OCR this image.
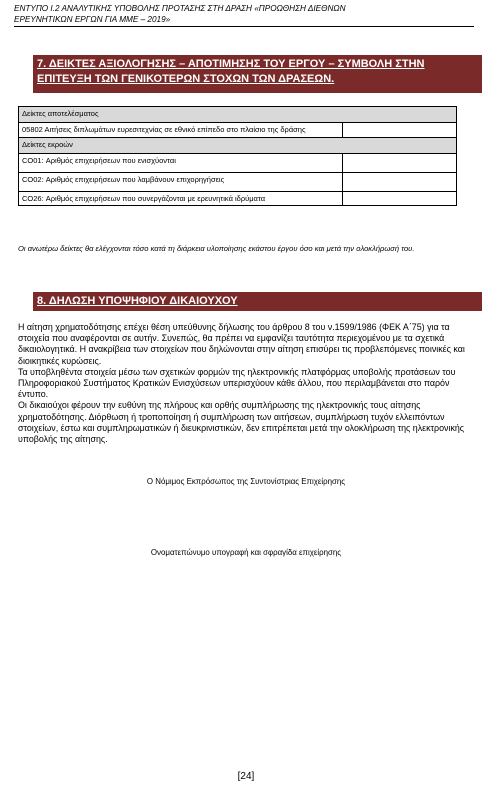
ΕΝΤΥΠΟ Ι.2 ΑΝΑΛΥΤΙΚΗΣ ΥΠΟΒΟΛΗΣ ΠΡΟΤΑΣΗΣ ΣΤΗ ΔΡΑΣΗ «ΠΡΟΩΘΗΣΗ ΔΙΕΘΝΩΝ
ΕΡΕΥΝΗΤΙΚΩΝ ΕΡΓΩΝ ΓΙΑ ΜΜΕ – 2019»
7. ΔΕΙΚΤΕΣ ΑΞΙΟΛΟΓΗΣΗΣ – ΑΠΟΤΙΜΗΣΗΣ ΤΟΥ ΕΡΓΟΥ – ΣΥΜΒΟΛΗ ΣΤΗΝ
ΕΠΙΤΕΥΞΗ ΤΩΝ ΓΕΝΙΚΟΤΕΡΩΝ ΣΤΟΧΩΝ ΤΩΝ ΔΡΑΣΕΩΝ.
Δείκτες αποτελέσματος	
05802 Αιτήσεις διπλωμάτων ευρεσιτεχνίας σε εθνικό επίπεδο στο πλαίσιο της δράσης	
Δείκτες εκροών	
CO01: Αριθμός επιχειρήσεων που ενισχύονται	
CO02: Αριθμός επιχειρήσεων που λαμβάνουν επιχορηγήσεις	
CO26: Αριθμός επιχειρήσεων που συνεργάζονται με ερευνητικά ιδρύματα	
Οι ανωτέρω δείκτες θα ελέγχονται τόσο κατά τη διάρκεια υλοποίησης εκάστου έργου όσο και μετά την ολοκλήρωσή του.
8. ΔΗΛΩΣΗ ΥΠΟΨΗΦΙΟΥ ΔΙΚΑΙΟΥΧΟΥ

Η αίτηση χρηματοδότησης επέχει θέση υπεύθυνης δήλωσης του άρθρου 8 του ν.1599/1986 (ΦΕΚ Α΄75) για τα στοιχεία που αναφέρονται σε αυτήν. Συνεπώς, θα πρέπει να εμφανίζει ταυτότητα περιεχομένου με τα σχετικά δικαιολογητικά. Η ανακρίβεια των στοιχείων που δηλώνονται στην αίτηση επισύρει τις προβλεπόμενες ποινικές και διοικητικές κυρώσεις.

Τα υποβληθέντα στοιχεία μέσω των σχετικών φορμών της ηλεκτρονικής πλατφόρμας υποβολής προτάσεων του Πληροφοριακού Συστήματος Κρατικών Ενισχύσεων υπερισχύουν κάθε άλλου, που περιλαμβάνεται στο παρόν έντυπο.

Οι δικαιούχοι φέρουν την ευθύνη της πλήρους και ορθής συμπλήρωσης της ηλεκτρονικής τους αίτησης χρηματοδότησης. Διόρθωση ή τροποποίηση ή συμπλήρωση των αιτήσεων, συμπλήρωση τυχόν ελλειπόντων στοιχείων, έστω και συμπληρωματικών ή διευκρινιστικών, δεν επιτρέπεται μετά την ολοκλήρωση της ηλεκτρονικής υποβολής της αίτησης.

Ο Νόμιμος Εκπρόσωπος της Συντονίστριας Επιχείρησης
Ονοματεπώνυμο υπογραφή και σφραγίδα επιχείρησης
[24]
